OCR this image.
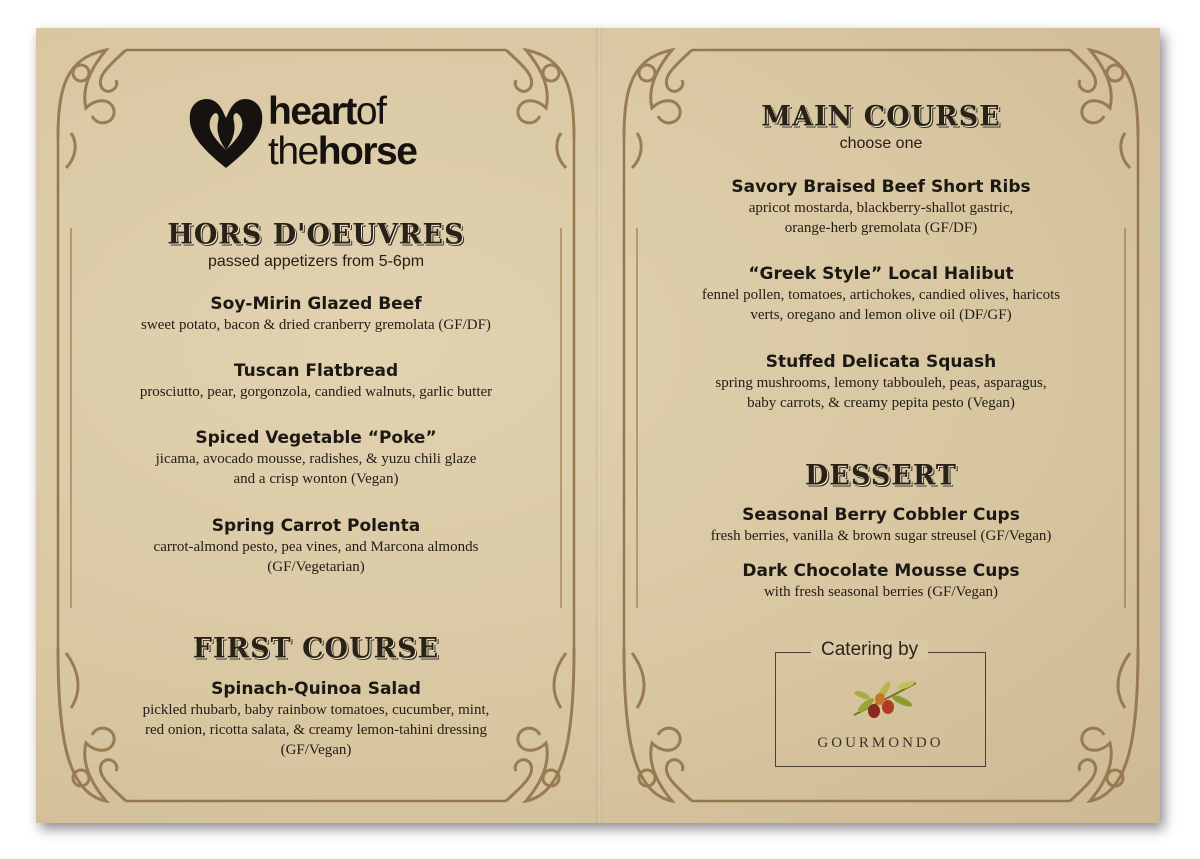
heartof
thehorse
HORS D'OEUVRES
passed appetizers from 5-6pm
Soy-Mirin Glazed Beef
sweet potato, bacon & dried cranberry gremolata (GF/DF)
Tuscan Flatbread
prosciutto, pear, gorgonzola, candied walnuts, garlic butter
Spiced Vegetable “Poke”
jicama, avocado mousse, radishes, & yuzu chili glaze
and a crisp wonton (Vegan)
Spring Carrot Polenta
carrot-almond pesto, pea vines, and Marcona almonds
(GF/Vegetarian)
FIRST COURSE
Spinach-Quinoa Salad
pickled rhubarb, baby rainbow tomatoes, cucumber, mint,
red onion, ricotta salata, & creamy lemon-tahini dressing
(GF/Vegan)
MAIN COURSE
choose one
Savory Braised Beef Short Ribs
apricot mostarda, blackberry-shallot gastric,
orange-herb gremolata (GF/DF)
“Greek Style” Local Halibut
fennel pollen, tomatoes, artichokes, candied olives, haricots
verts, oregano and lemon olive oil (DF/GF)
Stuffed Delicata Squash
spring mushrooms, lemony tabbouleh, peas, asparagus,
baby carrots, & creamy pepita pesto (Vegan)
DESSERT
Seasonal Berry Cobbler Cups
fresh berries, vanilla & brown sugar streusel (GF/Vegan)
Dark Chocolate Mousse Cups
with fresh seasonal berries (GF/Vegan)
Catering by
GOURMONDO
